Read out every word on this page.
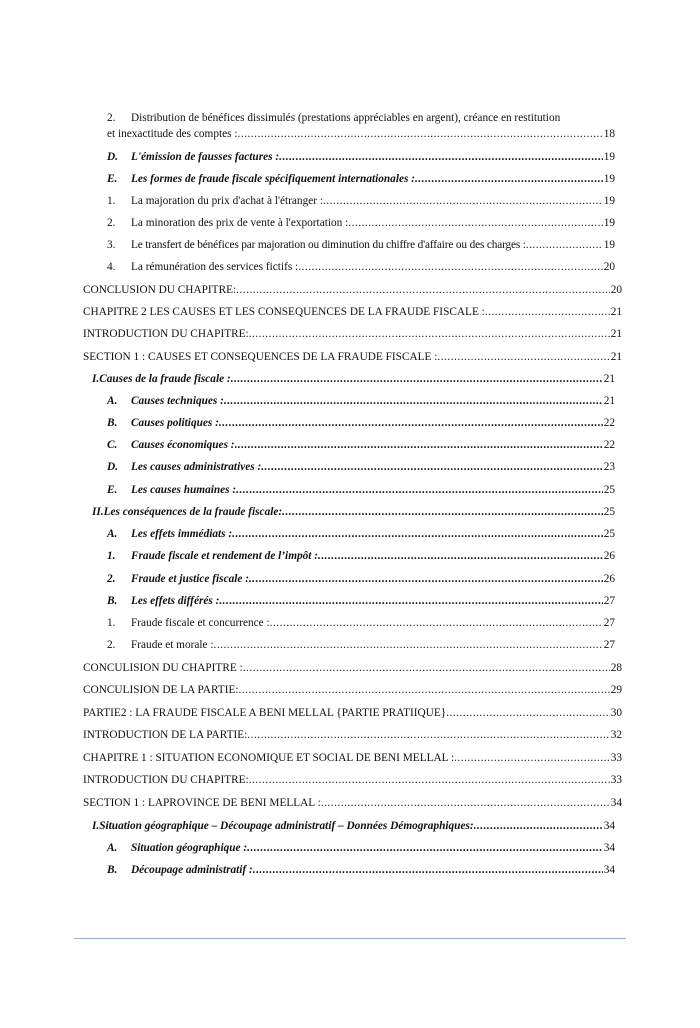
2. Distribution de bénéfices dissimulés (prestations appréciables en argent), créance en restitution
et inexactitude des comptes : .....	18
D.	L'émission de fausses factures : .....	19
E.	Les formes de fraude fiscale spécifiquement internationales : .....	19
1.	La majoration du prix d'achat à l'étranger : .....	19
2.	La minoration des prix de vente à l'exportation : .....	19
3.	Le transfert de bénéfices par majoration ou diminution du chiffre d'affaire ou des charges : .....	19
4.	La rémunération des services fictifs : .....	20
CONCLUSION DU CHAPITRE: .....	20
CHAPITRE 2 LES CAUSES ET LES CONSEQUENCES DE LA FRAUDE FISCALE : .....	21
INTRODUCTION DU CHAPITRE: .....	21
SECTION 1 : CAUSES ET CONSEQUENCES DE LA FRAUDE FISCALE : .....	21
I.Causes de la fraude fiscale : .....	21
A.	Causes techniques : .....	21
B.	Causes politiques : .....	22
C.	Causes économiques : .....	22
D.	Les causes administratives : .....	23
E.	Les causes humaines : .....	25
II.Les conséquences de la fraude fiscale: .....	25
A.	Les effets immédiats : .....	25
1.	Fraude fiscale et rendement de l’impôt : .....	26
2.	Fraude et justice fiscale : .....	26
B.	Les effets différés : .....	27
1.	Fraude fiscale et concurrence : .....	27
2.	Fraude et morale : .....	27
CONCULISION DU CHAPITRE : .....	28
CONCULISION DE LA PARTIE: .....	29
PARTIE2 : LA FRAUDE FISCALE A BENI MELLAL {PARTIE PRATIIQUE} .....	30
INTRODUCTION DE LA PARTIE: .....	32
CHAPITRE 1 : SITUATION ECONOMIQUE ET SOCIAL DE BENI MELLAL : .....	33
INTRODUCTION DU CHAPITRE: .....	33
SECTION 1 : LAPROVINCE DE BENI MELLAL : .....	34
I.Situation géographique – Découpage administratif – Données Démographiques: .....	34
A.	Situation géographique : .....	34
B.	Découpage administratif : .....	34
